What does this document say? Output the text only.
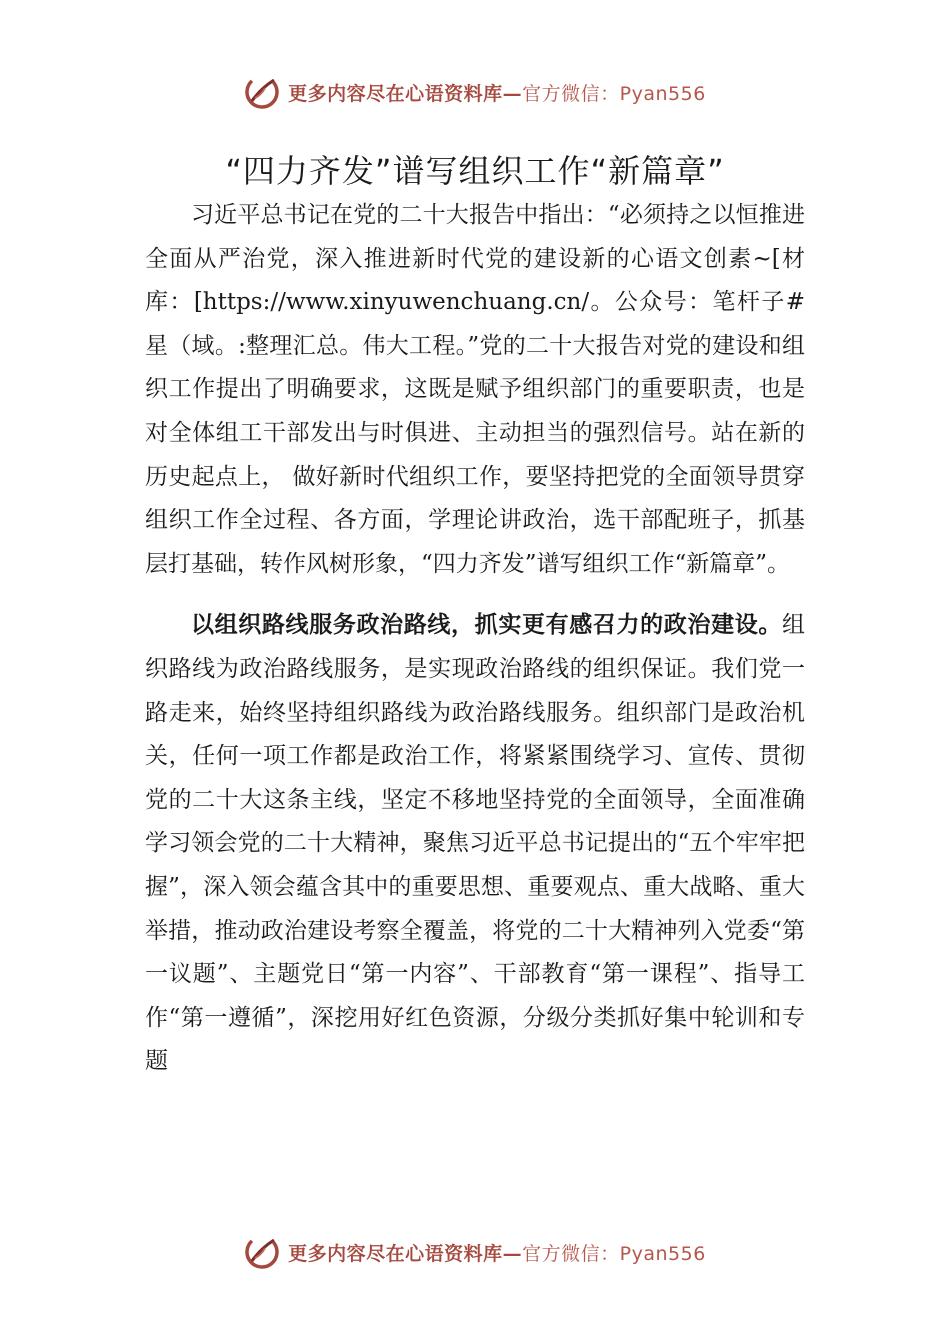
更多内容尽在心语资料库—官方微信：Pyan556
“四力齐发”谱写组织工作“新篇章”

习近平总书记在党的二十大报告中指出：“必须持之以恒推进全面从严治党，深入推进新时代党的建设新的心语文创素~[材库：[https://www.xinyuwenchuang.cn/。公众号：笔杆子#星（域。:整理汇总。伟大工程。”党的二十大报告对党的建设和组织工作提出了明确要求，这既是赋予组织部门的重要职责，也是对全体组工干部发出与时俱进、主动担当的强烈信号。站在新的历史起点上， 做好新时代组织工作，要坚持把党的全面领导贯穿组织工作全过程、各方面，学理论讲政治，选干部配班子，抓基层打基础，转作风树形象，“四力齐发”谱写组织工作“新篇章”。

以组织路线服务政治路线，抓实更有感召力的政治建设。组织路线为政治路线服务，是实现政治路线的组织保证。我们党一路走来，始终坚持组织路线为政治路线服务。组织部门是政治机关，任何一项工作都是政治工作，将紧紧围绕学习、宣传、贯彻党的二十大这条主线，坚定不移地坚持党的全面领导，全面准确学习领会党的二十大精神，聚焦习近平总书记提出的“五个牢牢把握”，深入领会蕴含其中的重要思想、重要观点、重大战略、重大举措，推动政治建设考察全覆盖，将党的二十大精神列入党委“第一议题”、主题党日“第一内容”、干部教育“第一课程”、指导工作“第一遵循”，深挖用好红色资源，分级分类抓好集中轮训和专题

更多内容尽在心语资料库—官方微信：Pyan556
